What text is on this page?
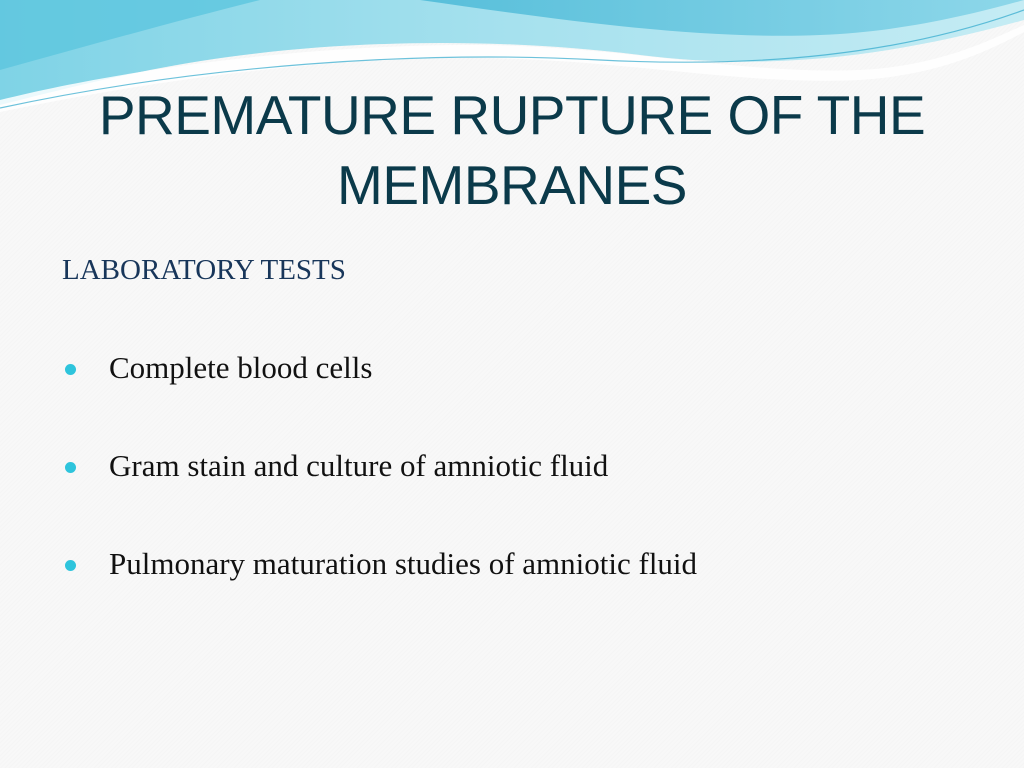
PREMATURE RUPTURE OF THE
MEMBRANES
LABORATORY TESTS
Complete blood cells
Gram stain and culture of amniotic fluid
Pulmonary maturation studies of amniotic fluid
